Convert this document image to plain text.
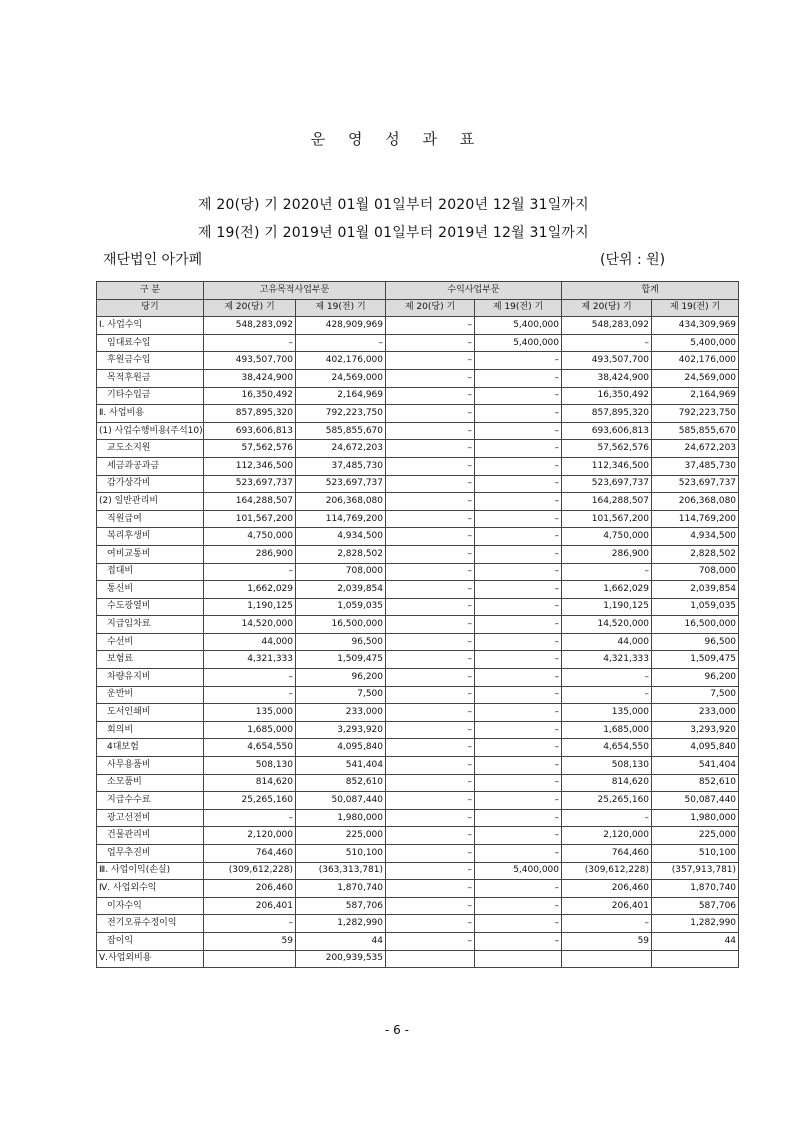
운 영 성 과 표
제 20(당) 기 2020년 01월 01일부터 2020년 12월 31일까지
제 19(전) 기 2019년 01월 01일부터 2019년 12월 31일까지
재단법인 아가페	(단위 : 원)
구 분	고유목적사업부문		수익사업부문		합계	
당기	제 20(당) 기	제 19(전) 기	제 20(당) 기	제 19(전) 기	제 20(당) 기	제 19(전) 기
Ⅰ. 사업수익	548,283,092	428,909,969	–	5,400,000	548,283,092	434,309,969
임대료수입	–	–	–	5,400,000	–	5,400,000
후원금수입	493,507,700	402,176,000	–	–	493,507,700	402,176,000
목적후원금	38,424,900	24,569,000	–	–	38,424,900	24,569,000
기타수입금	16,350,492	2,164,969	–	–	16,350,492	2,164,969
Ⅱ. 사업비용	857,895,320	792,223,750	–	–	857,895,320	792,223,750
(1) 사업수행비용(주석10)	693,606,813	585,855,670	–	–	693,606,813	585,855,670
교도소지원	57,562,576	24,672,203	–	–	57,562,576	24,672,203
세금과공과금	112,346,500	37,485,730	–	–	112,346,500	37,485,730
감가상각비	523,697,737	523,697,737	–	–	523,697,737	523,697,737
(2) 일반관리비	164,288,507	206,368,080	–	–	164,288,507	206,368,080
직원급여	101,567,200	114,769,200	–	–	101,567,200	114,769,200
복리후생비	4,750,000	4,934,500	–	–	4,750,000	4,934,500
여비교통비	286,900	2,828,502	–	–	286,900	2,828,502
접대비	–	708,000	–	–	–	708,000
통신비	1,662,029	2,039,854	–	–	1,662,029	2,039,854
수도광열비	1,190,125	1,059,035	–	–	1,190,125	1,059,035
지급임차료	14,520,000	16,500,000	–	–	14,520,000	16,500,000
수선비	44,000	96,500	–	–	44,000	96,500
보험료	4,321,333	1,509,475	–	–	4,321,333	1,509,475
차량유지비	–	96,200	–	–	–	96,200
운반비	–	7,500	–	–	–	7,500
도서인쇄비	135,000	233,000	–	–	135,000	233,000
회의비	1,685,000	3,293,920	–	–	1,685,000	3,293,920
4대보험	4,654,550	4,095,840	–	–	4,654,550	4,095,840
사무용품비	508,130	541,404	–	–	508,130	541,404
소모품비	814,620	852,610	–	–	814,620	852,610
지급수수료	25,265,160	50,087,440	–	–	25,265,160	50,087,440
광고선전비	–	1,980,000	–	–	–	1,980,000
건물관리비	2,120,000	225,000	–	–	2,120,000	225,000
업무추진비	764,460	510,100	–	–	764,460	510,100
Ⅲ. 사업이익(손실)	(309,612,228)	(363,313,781)	–	5,400,000	(309,612,228)	(357,913,781)
Ⅳ. 사업외수익	206,460	1,870,740	–	–	206,460	1,870,740
이자수익	206,401	587,706	–	–	206,401	587,706
전기오류수정이익	–	1,282,990	–	–	–	1,282,990
잡이익	59	44	–	–	59	44
Ⅴ.사업외비용		200,939,535				
- 6 -
